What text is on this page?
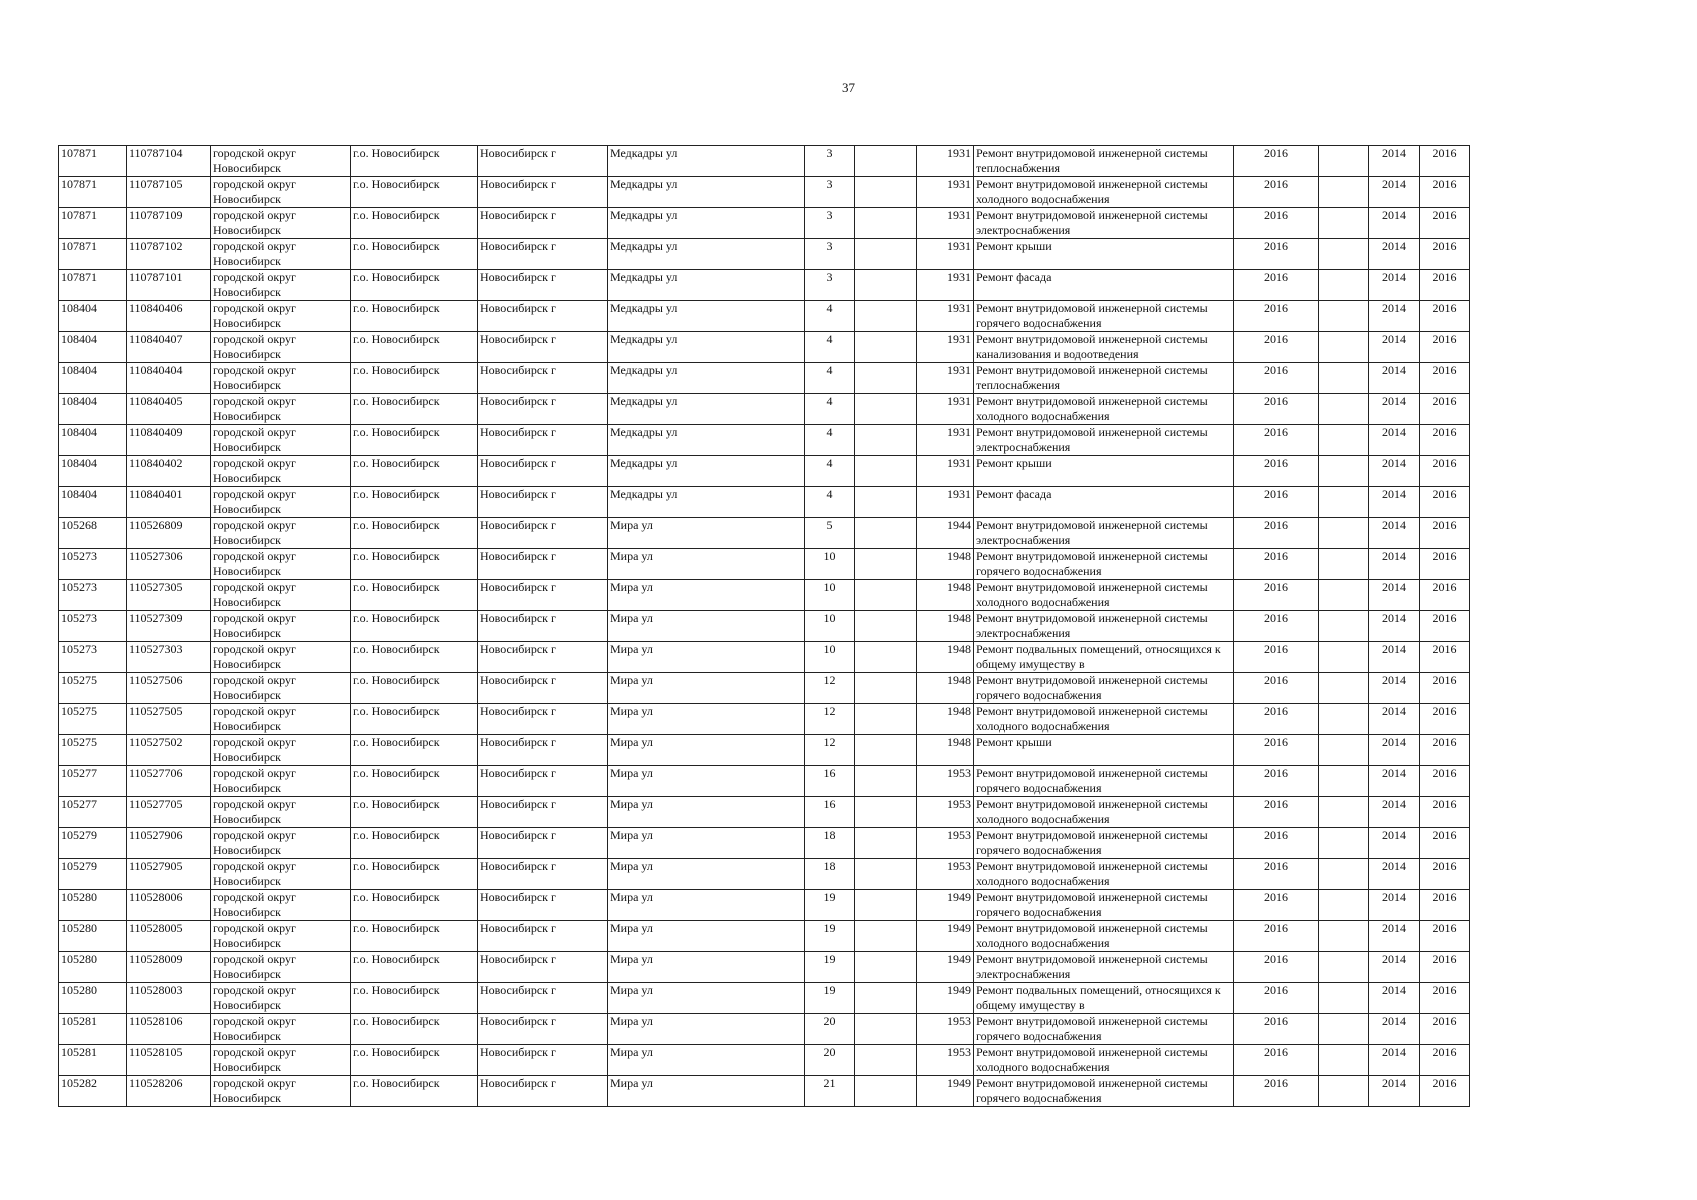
37
107871	110787104	городской округ Новосибирск	г.о. Новосибирск	Новосибирск г	Медкадры ул	3		1931	Ремонт внутридомовой инженерной системы теплоснабжения	2016		2014	2016
107871	110787105	городской округ Новосибирск	г.о. Новосибирск	Новосибирск г	Медкадры ул	3		1931	Ремонт внутридомовой инженерной системы холодного водоснабжения	2016		2014	2016
107871	110787109	городской округ Новосибирск	г.о. Новосибирск	Новосибирск г	Медкадры ул	3		1931	Ремонт внутридомовой инженерной системы электроснабжения	2016		2014	2016
107871	110787102	городской округ Новосибирск	г.о. Новосибирск	Новосибирск г	Медкадры ул	3		1931	Ремонт крыши	2016		2014	2016
107871	110787101	городской округ Новосибирск	г.о. Новосибирск	Новосибирск г	Медкадры ул	3		1931	Ремонт фасада	2016		2014	2016
108404	110840406	городской округ Новосибирск	г.о. Новосибирск	Новосибирск г	Медкадры ул	4		1931	Ремонт внутридомовой инженерной системы горячего водоснабжения	2016		2014	2016
108404	110840407	городской округ Новосибирск	г.о. Новосибирск	Новосибирск г	Медкадры ул	4		1931	Ремонт внутридомовой инженерной системы канализования и водоотведения	2016		2014	2016
108404	110840404	городской округ Новосибирск	г.о. Новосибирск	Новосибирск г	Медкадры ул	4		1931	Ремонт внутридомовой инженерной системы теплоснабжения	2016		2014	2016
108404	110840405	городской округ Новосибирск	г.о. Новосибирск	Новосибирск г	Медкадры ул	4		1931	Ремонт внутридомовой инженерной системы холодного водоснабжения	2016		2014	2016
108404	110840409	городской округ Новосибирск	г.о. Новосибирск	Новосибирск г	Медкадры ул	4		1931	Ремонт внутридомовой инженерной системы электроснабжения	2016		2014	2016
108404	110840402	городской округ Новосибирск	г.о. Новосибирск	Новосибирск г	Медкадры ул	4		1931	Ремонт крыши	2016		2014	2016
108404	110840401	городской округ Новосибирск	г.о. Новосибирск	Новосибирск г	Медкадры ул	4		1931	Ремонт фасада	2016		2014	2016
105268	110526809	городской округ Новосибирск	г.о. Новосибирск	Новосибирск г	Мира ул	5		1944	Ремонт внутридомовой инженерной системы электроснабжения	2016		2014	2016
105273	110527306	городской округ Новосибирск	г.о. Новосибирск	Новосибирск г	Мира ул	10		1948	Ремонт внутридомовой инженерной системы горячего водоснабжения	2016		2014	2016
105273	110527305	городской округ Новосибирск	г.о. Новосибирск	Новосибирск г	Мира ул	10		1948	Ремонт внутридомовой инженерной системы холодного водоснабжения	2016		2014	2016
105273	110527309	городской округ Новосибирск	г.о. Новосибирск	Новосибирск г	Мира ул	10		1948	Ремонт внутридомовой инженерной системы электроснабжения	2016		2014	2016
105273	110527303	городской округ Новосибирск	г.о. Новосибирск	Новосибирск г	Мира ул	10		1948	Ремонт подвальных помещений, относящихся к общему имуществу в	2016		2014	2016
105275	110527506	городской округ Новосибирск	г.о. Новосибирск	Новосибирск г	Мира ул	12		1948	Ремонт внутридомовой инженерной системы горячего водоснабжения	2016		2014	2016
105275	110527505	городской округ Новосибирск	г.о. Новосибирск	Новосибирск г	Мира ул	12		1948	Ремонт внутридомовой инженерной системы холодного водоснабжения	2016		2014	2016
105275	110527502	городской округ Новосибирск	г.о. Новосибирск	Новосибирск г	Мира ул	12		1948	Ремонт крыши	2016		2014	2016
105277	110527706	городской округ Новосибирск	г.о. Новосибирск	Новосибирск г	Мира ул	16		1953	Ремонт внутридомовой инженерной системы горячего водоснабжения	2016		2014	2016
105277	110527705	городской округ Новосибирск	г.о. Новосибирск	Новосибирск г	Мира ул	16		1953	Ремонт внутридомовой инженерной системы холодного водоснабжения	2016		2014	2016
105279	110527906	городской округ Новосибирск	г.о. Новосибирск	Новосибирск г	Мира ул	18		1953	Ремонт внутридомовой инженерной системы горячего водоснабжения	2016		2014	2016
105279	110527905	городской округ Новосибирск	г.о. Новосибирск	Новосибирск г	Мира ул	18		1953	Ремонт внутридомовой инженерной системы холодного водоснабжения	2016		2014	2016
105280	110528006	городской округ Новосибирск	г.о. Новосибирск	Новосибирск г	Мира ул	19		1949	Ремонт внутридомовой инженерной системы горячего водоснабжения	2016		2014	2016
105280	110528005	городской округ Новосибирск	г.о. Новосибирск	Новосибирск г	Мира ул	19		1949	Ремонт внутридомовой инженерной системы холодного водоснабжения	2016		2014	2016
105280	110528009	городской округ Новосибирск	г.о. Новосибирск	Новосибирск г	Мира ул	19		1949	Ремонт внутридомовой инженерной системы электроснабжения	2016		2014	2016
105280	110528003	городской округ Новосибирск	г.о. Новосибирск	Новосибирск г	Мира ул	19		1949	Ремонт подвальных помещений, относящихся к общему имуществу в	2016		2014	2016
105281	110528106	городской округ Новосибирск	г.о. Новосибирск	Новосибирск г	Мира ул	20		1953	Ремонт внутридомовой инженерной системы горячего водоснабжения	2016		2014	2016
105281	110528105	городской округ Новосибирск	г.о. Новосибирск	Новосибирск г	Мира ул	20		1953	Ремонт внутридомовой инженерной системы холодного водоснабжения	2016		2014	2016
105282	110528206	городской округ Новосибирск	г.о. Новосибирск	Новосибирск г	Мира ул	21		1949	Ремонт внутридомовой инженерной системы горячего водоснабжения	2016		2014	2016
